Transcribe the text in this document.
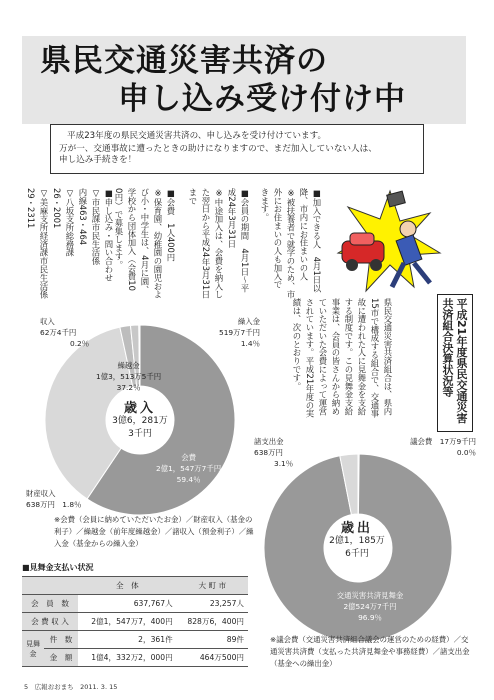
県民交通災害共済の
申し込み受け付け中
平成23年度の県民交通災害共済の、申し込みを受け付けています。
万が一、交通事故に遭ったときの助けになりますので、まだ加入していない人は、
申し込み手続きを！
■加入できる人　4月1日以
降、市内にお住まいの人
※被扶養者で就学のため、市
外にお住まいの人も加入で
きます。
■会員の期間　4月1日〜平
成24年3月31日
※中途加入は、会費を納入し
た翌日から平成24年3月31日
まで
■会費　1人400円
※保育園、幼稚園の園児およ
び小・中学生は、4月に園、
学校から団体加入（会費10
0円）で募集します。
■申し込み・問い合わせ
▽市民課市民生活係
内線463・464
▽八坂支所総務課
26・2001
▽美麻支所経済課市民生活係
29・2311
平成21年度県民交通災害共済組合決算状況等
県民交通災害共済組合は、県内15市で構成する組合で、交通事故に遭われた人に見舞金を支給する制度です。この見舞金支給事業は、会員の皆さんから納めていただいた会費によって運営されています。平成21年度の実績は、次のとおりです。
収入
62万4千円
0.2％
繰越金
1億3，513万5千円
37.2％
繰入金
519万7千円
1.4％
財産収入
638万円　 1.8％
会費
2億1，547万7千円
59.4％
歳入
3億6，281万
3千円
諸支出金
638万円
3.1％
議会費　 17万9千円
0.0％
歳出
2億1，185万
6千円
交通災害共済見舞金
2億524万7千円
96.9％
※会費（会員に納めていただいたお金）／財産収入（基金の利子）／繰越金（前年度繰越金）／諸収入（預金利子）／繰入金（基金からの繰入金）
※議会費（交通災害共済組合議会の運営のための経費）／交通災害共済費（支払った共済見舞金や事務経費）／諸支出金（基金への繰出金）
■見舞金支払い状況
		全　体	大 町 市
会　員　数		637,767人	23,257人
会 費 収 入		2億1，547万7，400円	828万6，400円
見舞金	件　数	2，361件	89件
	金　額	1億4，332万2，000円	464万500円
5　広報おおまち　2011. 3. 15
